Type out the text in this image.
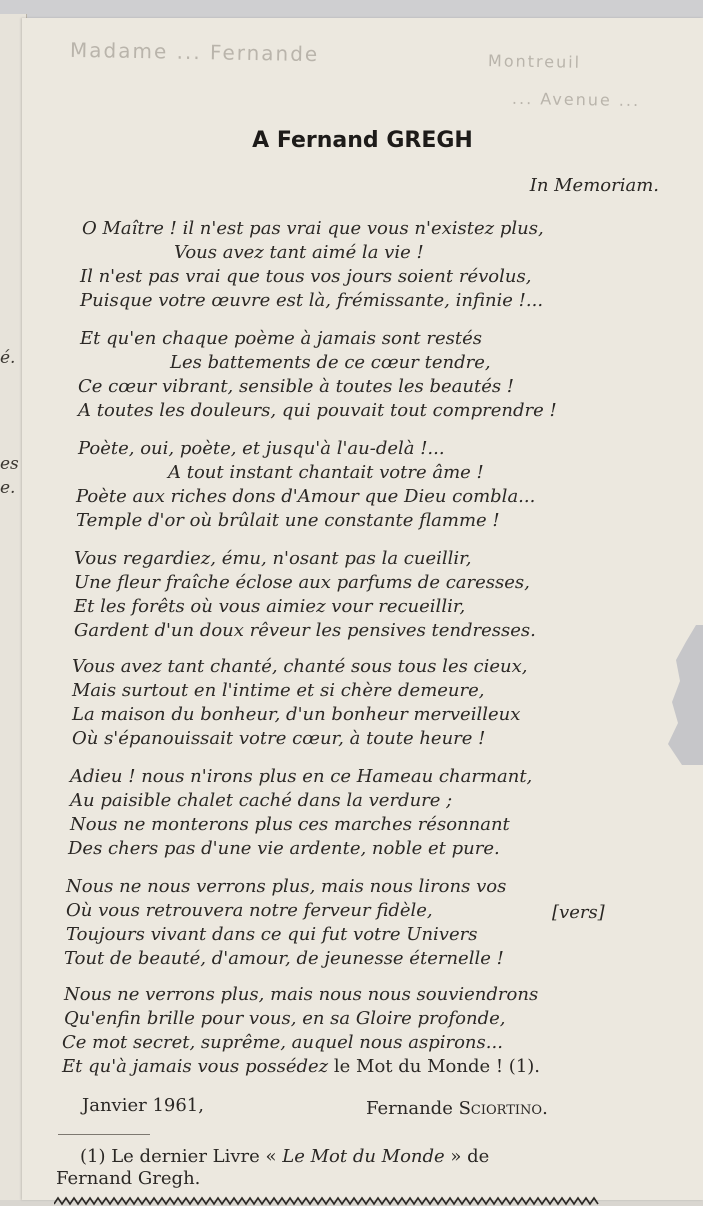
é.
es
e.
Madame ... Fernande	Montreuil
... Avenue ...
A Fernand GREGH
In Memoriam.
O Maître ! il n'est pas vrai que vous n'existez plus,
Vous avez tant aimé la vie !
Il n'est pas vrai que tous vos jours soient révolus,
Puisque votre œuvre est là, frémissante, infinie !...
Et qu'en chaque poème à jamais sont restés
Les battements de ce cœur tendre,
Ce cœur vibrant, sensible à toutes les beautés !
A toutes les douleurs, qui pouvait tout comprendre !
Poète, oui, poète, et jusqu'à l'au-delà !...
A tout instant chantait votre âme !
Poète aux riches dons d'Amour que Dieu combla...
Temple d'or où brûlait une constante flamme !
Vous regardiez, ému, n'osant pas la cueillir,
Une fleur fraîche éclose aux parfums de caresses,
Et les forêts où vous aimiez vour recueillir,
Gardent d'un doux rêveur les pensives tendresses.
Vous avez tant chanté, chanté sous tous les cieux,
Mais surtout en l'intime et si chère demeure,
La maison du bonheur, d'un bonheur merveilleux
Où s'épanouissait votre cœur, à toute heure !
Adieu ! nous n'irons plus en ce Hameau charmant,
Au paisible chalet caché dans la verdure ;
Nous ne monterons plus ces marches résonnant
Des chers pas d'une vie ardente, noble et pure.
Nous ne nous verrons plus, mais nous lirons vos
Où vous retrouvera notre ferveur fidèle,	[vers]
Toujours vivant dans ce qui fut votre Univers
Tout de beauté, d'amour, de jeunesse éternelle !
Nous ne verrons plus, mais nous nous souviendrons
Qu'enfin brille pour vous, en sa Gloire profonde,
Ce mot secret, suprême, auquel nous aspirons...
Et qu'à jamais vous possédez le Mot du Monde ! (1).
Janvier 1961,	Fernande Sciortino.
(1) Le dernier Livre « Le Mot du Monde » de
Fernand Gregh.
